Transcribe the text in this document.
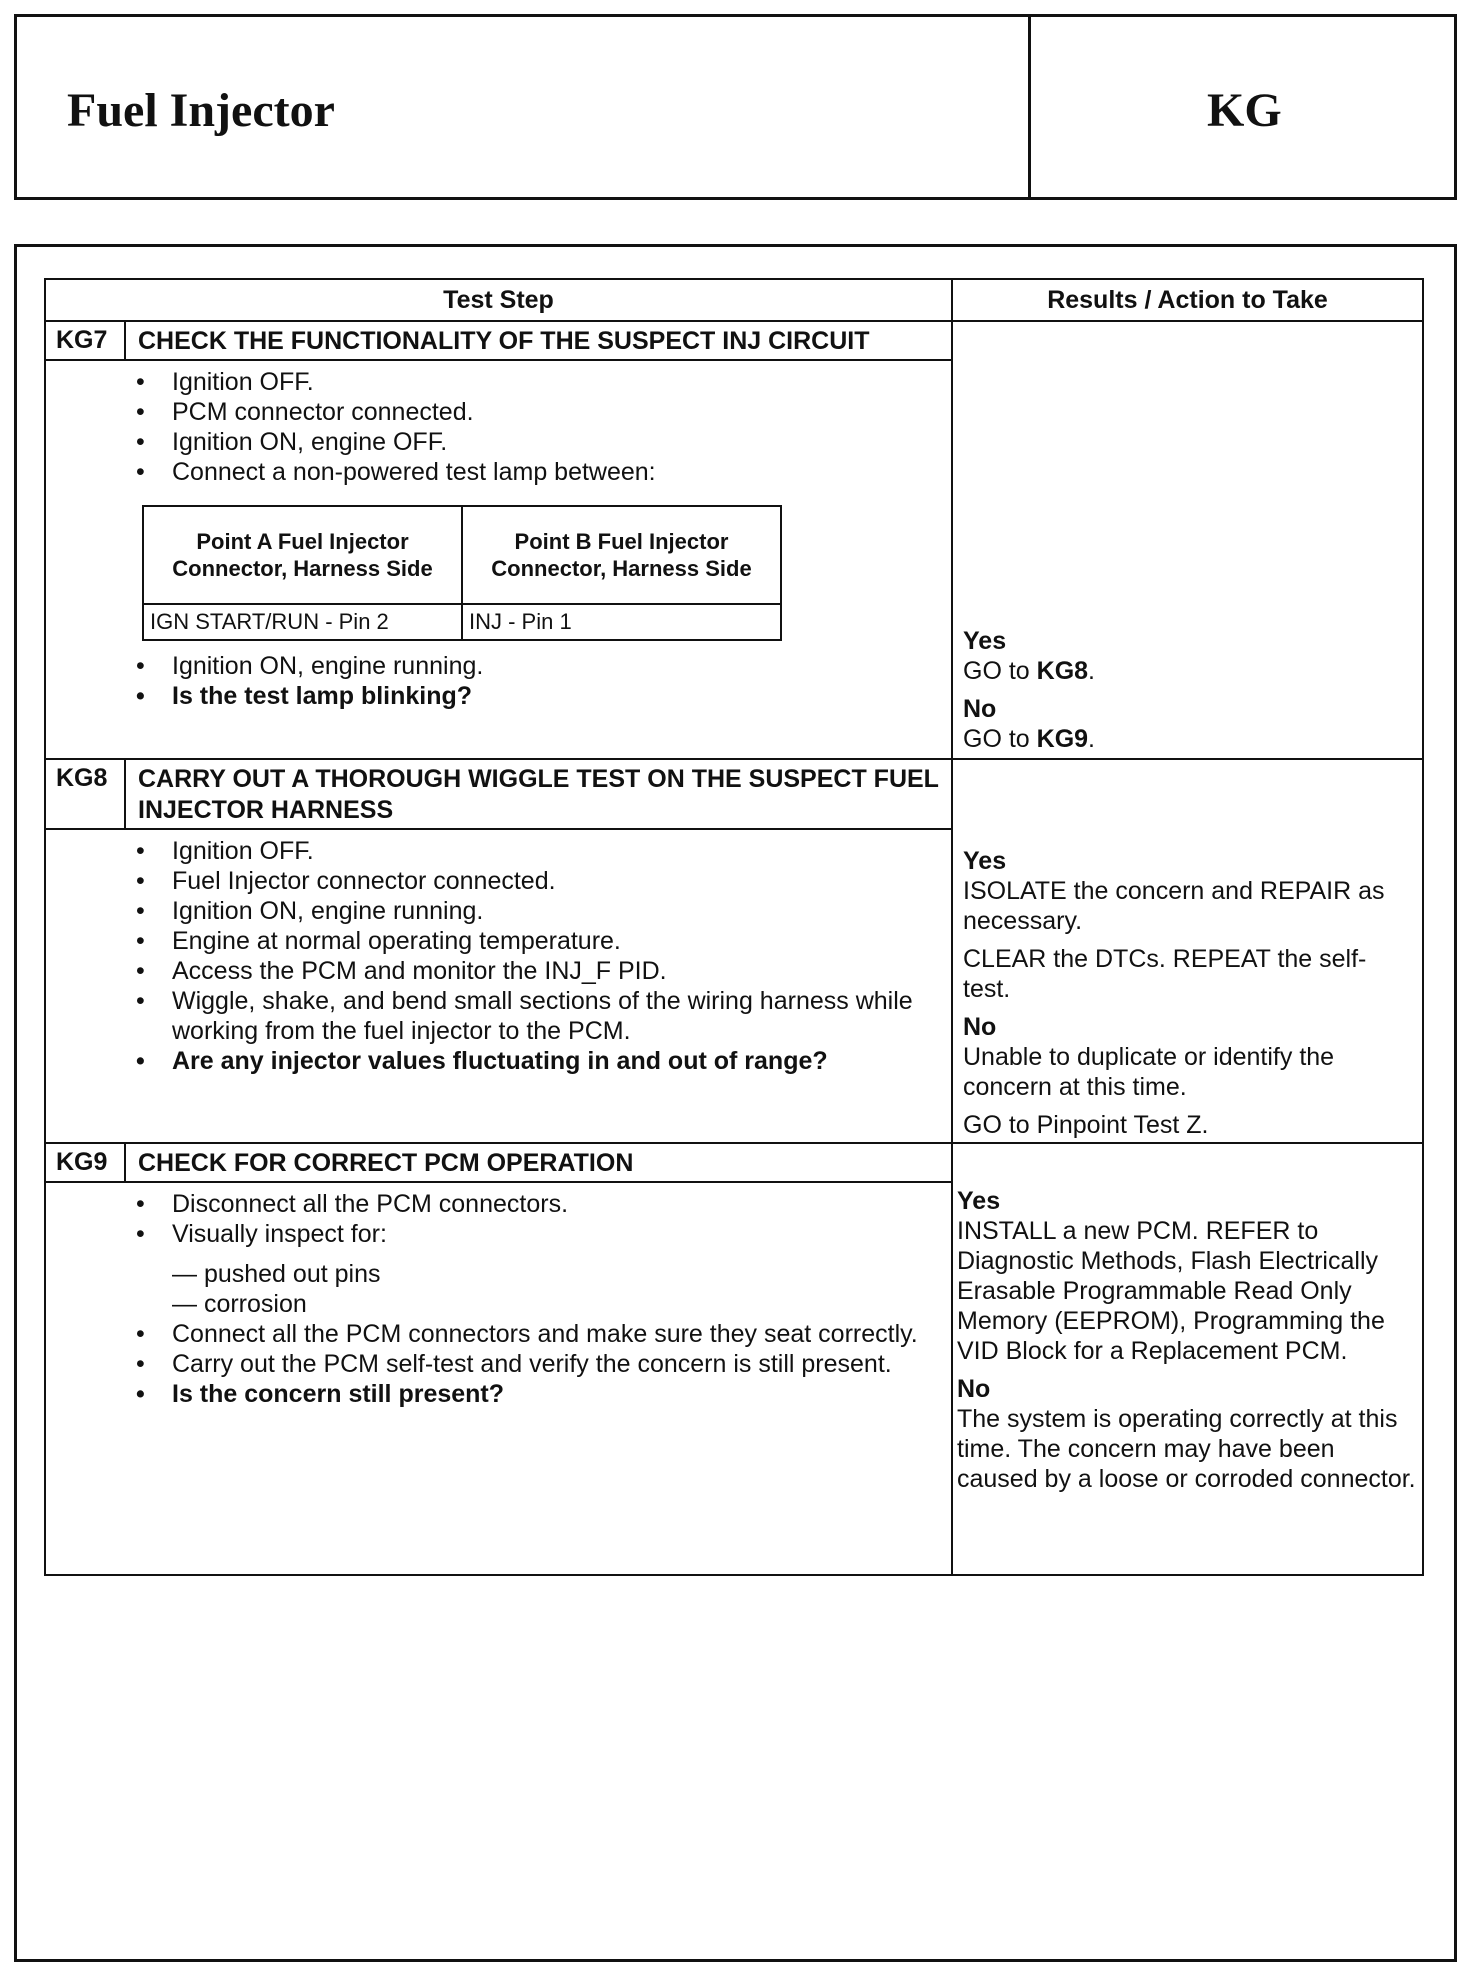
Fuel Injector	KG
Test Step	Results / Action to Take

KG7	CHECK THE FUNCTIONALITY OF THE SUSPECT INJ CIRCUIT
• Ignition OFF.
• PCM connector connected.
• Ignition ON, engine OFF.
• Connect a non-powered test lamp between:
Point A Fuel Injector Connector, Harness Side	Point B Fuel Injector Connector, Harness Side
IGN START/RUN - Pin 2	INJ - Pin 1
• Ignition ON, engine running.
• Is the test lamp blinking?

Yes

GO to KG8.

No

GO to KG9.

KG8	CARRY OUT A THOROUGH WIGGLE TEST ON THE SUSPECT FUEL INJECTOR HARNESS
• Ignition OFF.
• Fuel Injector connector connected.
• Ignition ON, engine running.
• Engine at normal operating temperature.
• Access the PCM and monitor the INJ_F PID.
• Wiggle, shake, and bend small sections of the wiring harness while working from the fuel injector to the PCM.
• Are any injector values fluctuating in and out of range?

Yes

ISOLATE the concern and REPAIR as necessary.

CLEAR the DTCs. REPEAT the self-test.

No

Unable to duplicate or identify the concern at this time.

GO to Pinpoint Test Z.

KG9	CHECK FOR CORRECT PCM OPERATION
• Disconnect all the PCM connectors.
• Visually inspect for:
— pushed out pins
— corrosion
• Connect all the PCM connectors and make sure they seat correctly.
• Carry out the PCM self-test and verify the concern is still present.
• Is the concern still present?

Yes

INSTALL a new PCM. REFER to Diagnostic Methods, Flash Electrically Erasable Programmable Read Only Memory (EEPROM), Programming the VID Block for a Replacement PCM.

No

The system is operating correctly at this time. The concern may have been caused by a loose or corroded connector.
